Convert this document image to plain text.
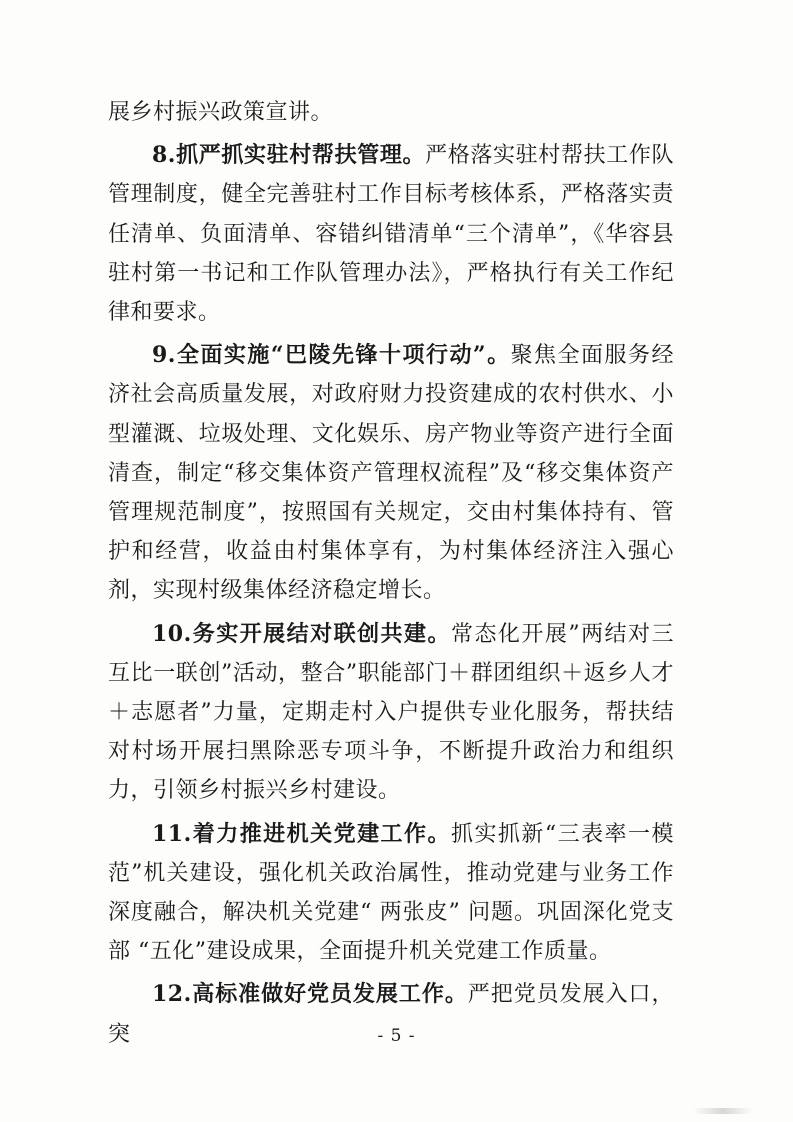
展乡村振兴政策宣讲。

8.抓严抓实驻村帮扶管理。严格落实驻村帮扶工作队管理制度，健全完善驻村工作目标考核体系，严格落实责任清单、负面清单、容错纠错清单“三个清单”，《华容县驻村第一书记和工作队管理办法》，严格执行有关工作纪律和要求。

9.全面实施“巴陵先锋十项行动”。聚焦全面服务经济社会高质量发展，对政府财力投资建成的农村供水、小型灌溉、垃圾处理、文化娱乐、房产物业等资产进行全面清查，制定“移交集体资产管理权流程”及“移交集体资产管理规范制度”，按照国有关规定，交由村集体持有、管护和经营，收益由村集体享有，为村集体经济注入强心剂，实现村级集体经济稳定增长。

10.务实开展结对联创共建。常态化开展”两结对三互比一联创”活动，整合”职能部门＋群团组织＋返乡人才＋志愿者”力量，定期走村入户提供专业化服务，帮扶结对村场开展扫黑除恶专项斗争，不断提升政治力和组织力，引领乡村振兴乡村建设。

11.着力推进机关党建工作。抓实抓新“三表率一模范”机关建设，强化机关政治属性，推动党建与业务工作深度融合，解决机关党建“ 两张皮” 问题。巩固深化党支部 “五化”建设成果，全面提升机关党建工作质量。

12.高标准做好党员发展工作。严把党员发展入口，突	- 5 -
